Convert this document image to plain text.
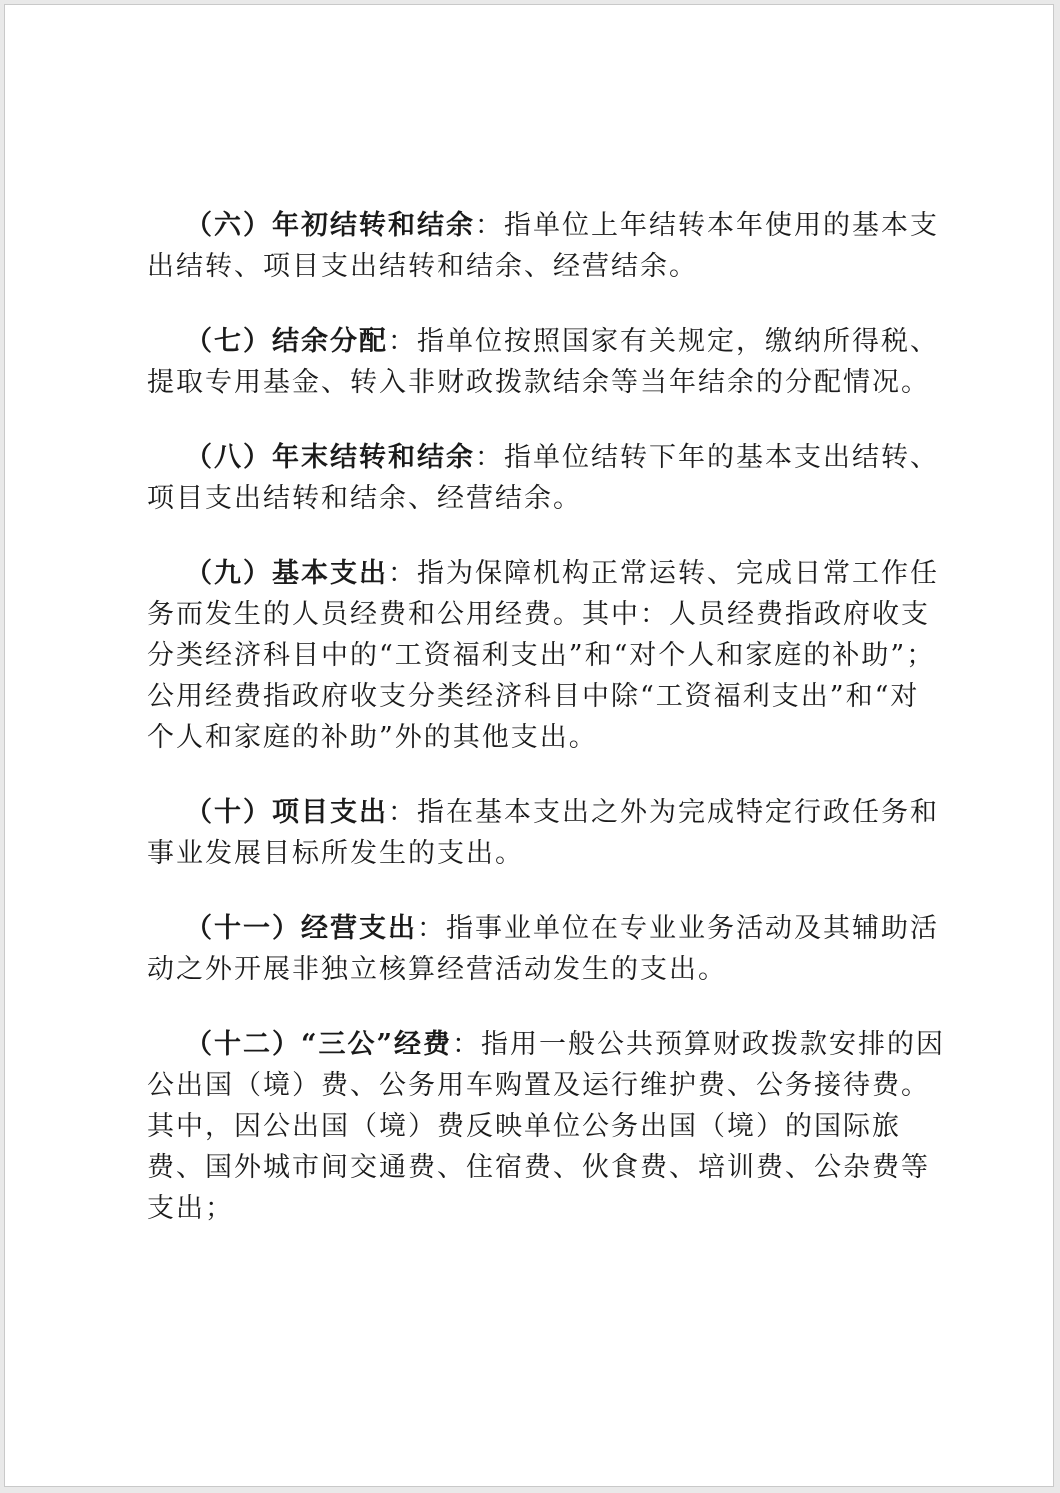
（六）年初结转和结余：指单位上年结转本年使用的基本支出结转、项目支出结转和结余、经营结余。

（七）结余分配：指单位按照国家有关规定，缴纳所得税、提取专用基金、转入非财政拨款结余等当年结余的分配情况。

（八）年末结转和结余：指单位结转下年的基本支出结转、项目支出结转和结余、经营结余。

（九）基本支出：指为保障机构正常运转、完成日常工作任务而发生的人员经费和公用经费。其中：人员经费指政府收支分类经济科目中的“工资福利支出”和“对个人和家庭的补助”；公用经费指政府收支分类经济科目中除“工资福利支出”和“对个人和家庭的补助”外的其他支出。

（十）项目支出：指在基本支出之外为完成特定行政任务和事业发展目标所发生的支出。

（十一）经营支出：指事业单位在专业业务活动及其辅助活动之外开展非独立核算经营活动发生的支出。

（十二）“三公”经费：指用一般公共预算财政拨款安排的因公出国（境）费、公务用车购置及运行维护费、公务接待费。其中，因公出国（境）费反映单位公务出国（境）的国际旅费、国外城市间交通费、住宿费、伙食费、培训费、公杂费等支出；
